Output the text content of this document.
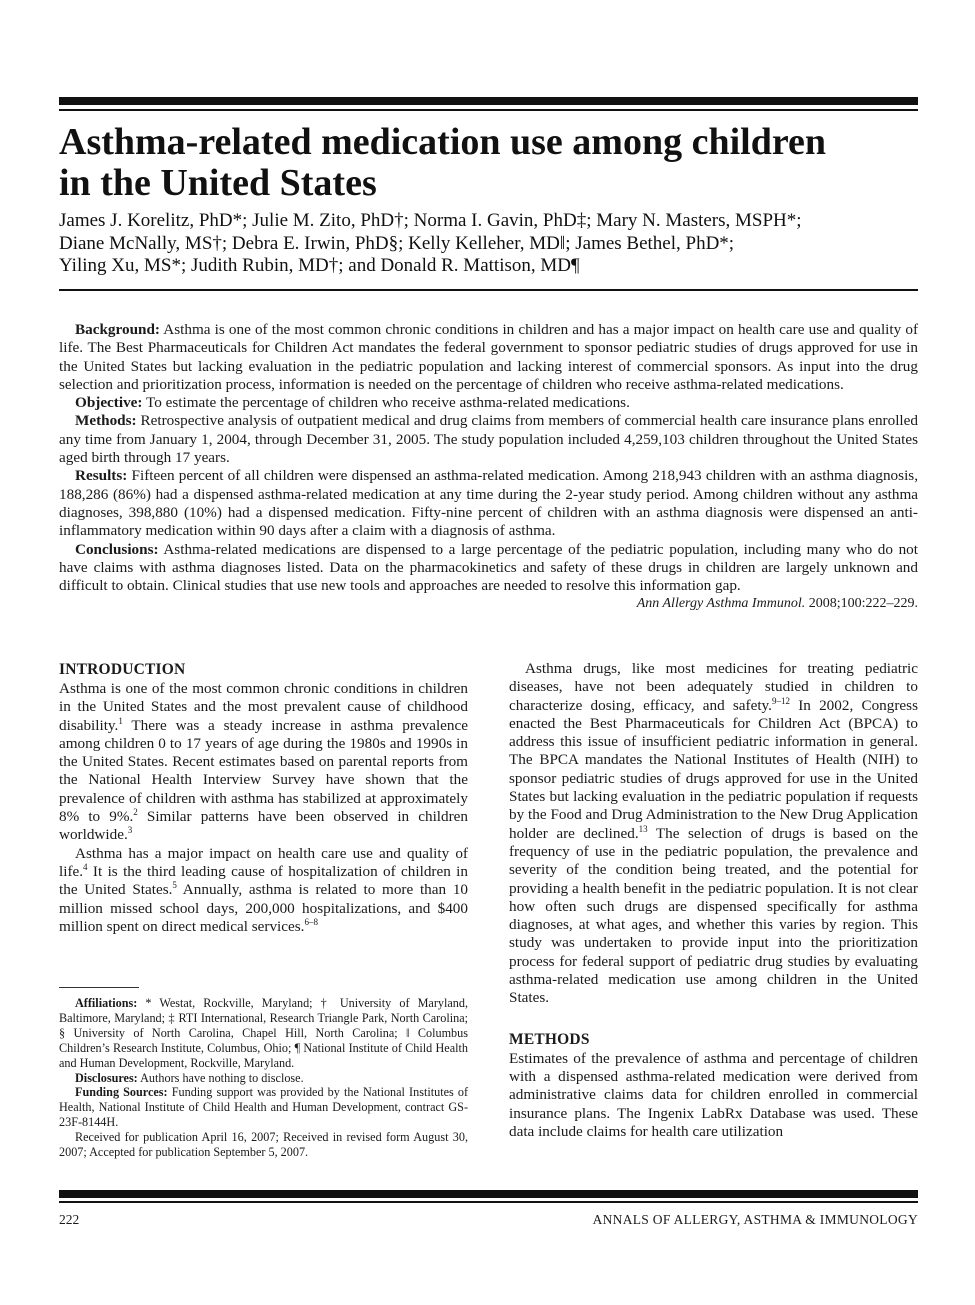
Asthma-related medication use among children
in the United States
James J. Korelitz, PhD*; Julie M. Zito, PhD†; Norma I. Gavin, PhD‡; Mary N. Masters, MSPH*;
Diane McNally, MS†; Debra E. Irwin, PhD§; Kelly Kelleher, MD‖; James Bethel, PhD*;
Yiling Xu, MS*; Judith Rubin, MD†; and Donald R. Mattison, MD¶

Background: Asthma is one of the most common chronic conditions in children and has a major impact on health care use and quality of life. The Best Pharmaceuticals for Children Act mandates the federal government to sponsor pediatric studies of drugs approved for use in the United States but lacking evaluation in the pediatric population and lacking interest of commercial sponsors. As input into the drug selection and prioritization process, information is needed on the percentage of children who receive asthma-related medications.

Objective: To estimate the percentage of children who receive asthma-related medications.

Methods: Retrospective analysis of outpatient medical and drug claims from members of commercial health care insurance plans enrolled any time from January 1, 2004, through December 31, 2005. The study population included 4,259,103 children throughout the United States aged birth through 17 years.

Results: Fifteen percent of all children were dispensed an asthma-related medication. Among 218,943 children with an asthma diagnosis, 188,286 (86%) had a dispensed asthma-related medication at any time during the 2-year study period. Among children without any asthma diagnoses, 398,880 (10%) had a dispensed medication. Fifty-nine percent of children with an asthma diagnosis were dispensed an anti-inflammatory medication within 90 days after a claim with a diagnosis of asthma.

Conclusions: Asthma-related medications are dispensed to a large percentage of the pediatric population, including many who do not have claims with asthma diagnoses listed. Data on the pharmacokinetics and safety of these drugs in children are largely unknown and difficult to obtain. Clinical studies that use new tools and approaches are needed to resolve this information gap.

Ann Allergy Asthma Immunol. 2008;100:222–229.
INTRODUCTION

Asthma is one of the most common chronic conditions in children in the United States and the most prevalent cause of childhood disability.$^1$ There was a steady increase in asthma prevalence among children 0 to 17 years of age during the 1980s and 1990s in the United States. Recent estimates based on parental reports from the National Health Interview Survey have shown that the prevalence of children with asthma has stabilized at approximately 8% to 9%.$^2$ Similar patterns have been observed in children worldwide.$^3$

Asthma has a major impact on health care use and quality of life.$^4$ It is the third leading cause of hospitalization of children in the United States.$^5$ Annually, asthma is related to more than 10 million missed school days, 200,000 hospitalizations, and $400 million spent on direct medical services.$^{6-8}$

Affiliations: * Westat, Rockville, Maryland; † University of Maryland, Baltimore, Maryland; ‡ RTI International, Research Triangle Park, North Carolina; § University of North Carolina, Chapel Hill, North Carolina; ‖ Columbus Children’s Research Institute, Columbus, Ohio; ¶ National Institute of Child Health and Human Development, Rockville, Maryland.

Disclosures: Authors have nothing to disclose.

Funding Sources: Funding support was provided by the National Institutes of Health, National Institute of Child Health and Human Development, contract GS-23F-8144H.

Received for publication April 16, 2007; Received in revised form August 30, 2007; Accepted for publication September 5, 2007.

Asthma drugs, like most medicines for treating pediatric diseases, have not been adequately studied in children to characterize dosing, efficacy, and safety.$^{9-12}$ In 2002, Congress enacted the Best Pharmaceuticals for Children Act (BPCA) to address this issue of insufficient pediatric information in general. The BPCA mandates the National Institutes of Health (NIH) to sponsor pediatric studies of drugs approved for use in the United States but lacking evaluation in the pediatric population if requests by the Food and Drug Administration to the New Drug Application holder are declined.$^{13}$ The selection of drugs is based on the frequency of use in the pediatric population, the prevalence and severity of the condition being treated, and the potential for providing a health benefit in the pediatric population. It is not clear how often such drugs are dispensed specifically for asthma diagnoses, at what ages, and whether this varies by region. This study was undertaken to provide input into the prioritization process for federal support of pediatric drug studies by evaluating asthma-related medication use among children in the United States.

METHODS

Estimates of the prevalence of asthma and percentage of children with a dispensed asthma-related medication were derived from administrative claims data for children enrolled in commercial insurance plans. The Ingenix LabRx Database was used. These data include claims for health care utilization

222	ANNALS OF ALLERGY, ASTHMA & IMMUNOLOGY
